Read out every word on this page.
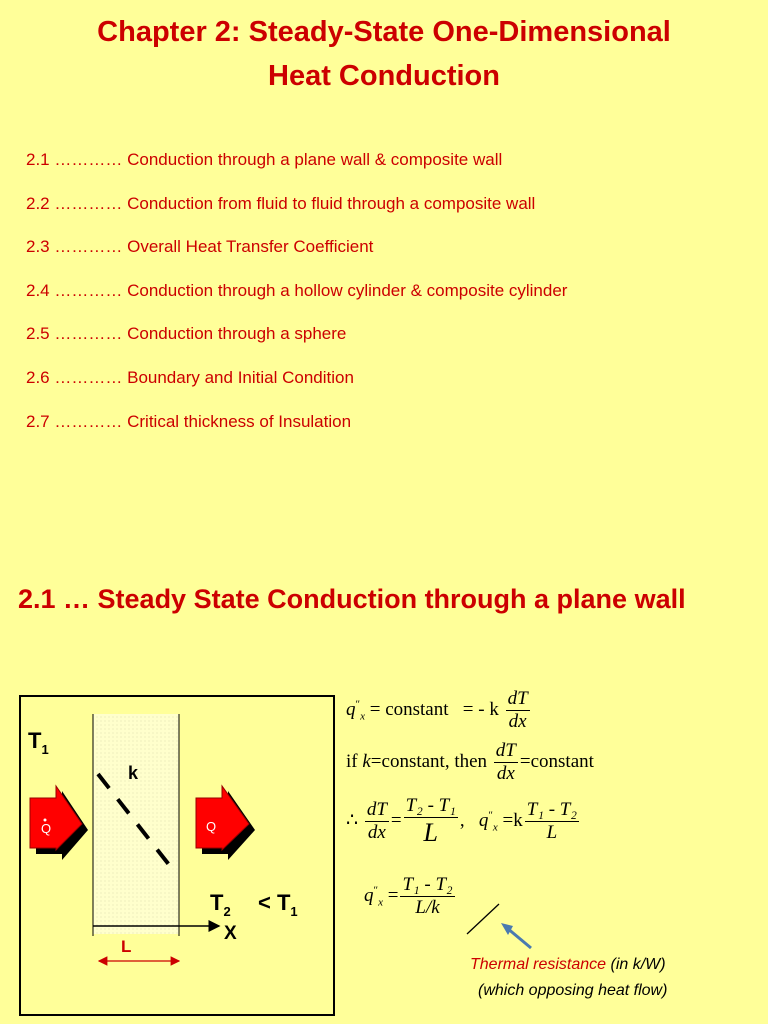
Chapter 2: Steady-State One-Dimensional
Heat Conduction
2.1 ………… Conduction through a plane wall & composite wall
2.2 ………… Conduction from fluid to fluid through a composite wall
2.3 ………… Overall Heat Transfer Coefficient
2.4 ………… Conduction through a hollow cylinder & composite cylinder
2.5 ………… Conduction through a sphere
2.6 ………… Boundary and Initial Condition
2.7 ………… Critical thickness of Insulation
2.1 … Steady State Conduction through a plane wall
Q	Q
$T_1$
k
$T_2 < T_1$
X
L
$q''_x$ = constant = - k $\frac{dT}{dx}$
if k=constant, then $\frac{dT}{dx}$ =constant
∴ $\frac{dT}{dx} = \frac{\text{T₂ - T₁}}{L}$ , $q''_x =k \frac{\text{T₁ - T₂}}{L}$
$q''_x = \frac{\text{T₁ - T₂}}{L/k}$
Thermal resistance (in k/W)
(which opposing heat flow)
